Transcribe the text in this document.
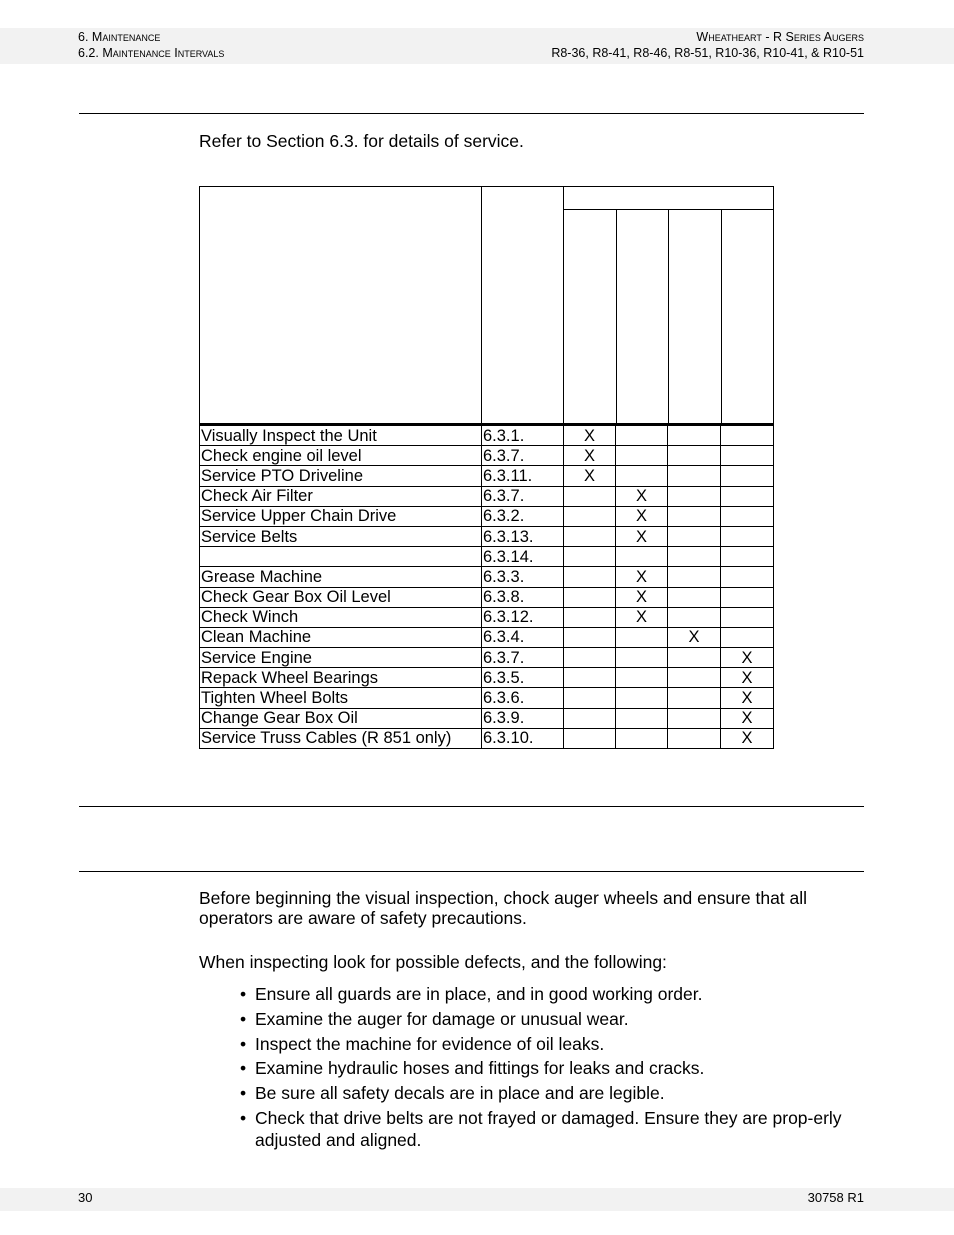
6. Maintenance
6.2. Maintenance Intervals
Wheatheart - R Series Augers
R8-36, R8-41, R8-46, R8-51, R10-36, R10-41, & R10-51
Refer to Section 6.3. for details of service.

Visually Inspect the Unit	6.3.1.	X			
Check engine oil level	6.3.7.	X			
Service PTO Driveline	6.3.11.	X			
Check Air Filter	6.3.7.		X		
Service Upper Chain Drive	6.3.2.		X		
Service Belts	6.3.13.		X		
	6.3.14.				
Grease Machine	6.3.3.		X		
Check Gear Box Oil Level	6.3.8.		X		
Check Winch	6.3.12.		X		
Clean Machine	6.3.4.			X	
Service Engine	6.3.7.				X
Repack Wheel Bearings	6.3.5.				X
Tighten Wheel Bolts	6.3.6.				X
Change Gear Box Oil	6.3.9.				X
Service Truss Cables (R 851 only)	6.3.10.				X
Before beginning the visual inspection, chock auger wheels and ensure that all operators are aware of safety precautions.
When inspecting look for possible defects, and the following:
• Ensure all guards are in place, and in good working order.
• Examine the auger for damage or unusual wear.
• Inspect the machine for evidence of oil leaks.
• Examine hydraulic hoses and fittings for leaks and cracks.
• Be sure all safety decals are in place and are legible.
• Check that drive belts are not frayed or damaged. Ensure they are prop-erly adjusted and aligned.
30	30758 R1
